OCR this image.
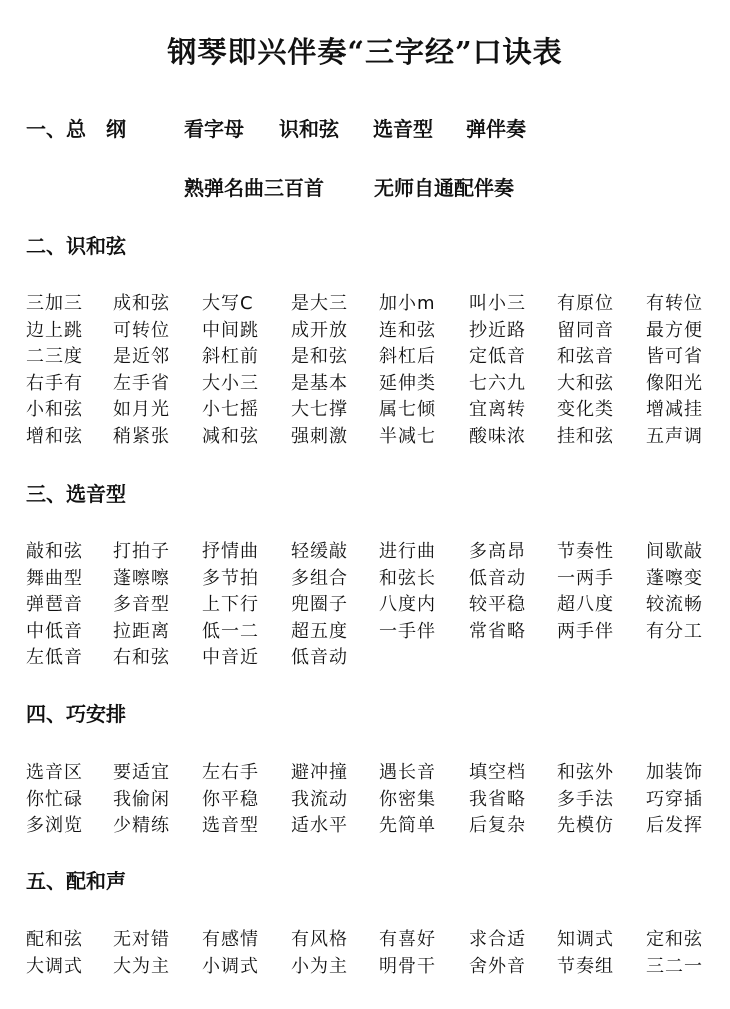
钢琴即兴伴奏“三字经”口诀表
一、总　纲	看字母 识和弦 选音型 弹伴奏
熟弹名曲三百首	无师自通配伴奏
二、识和弦
三加三 成和弦 大写C 是大三 加小m 叫小三 有原位 有转位
边上跳 可转位 中间跳 成开放 连和弦 抄近路 留同音 最方便
二三度 是近邻 斜杠前 是和弦 斜杠后 定低音 和弦音 皆可省
右手有 左手省 大小三 是基本 延伸类 七六九 大和弦 像阳光
小和弦 如月光 小七摇 大七撑 属七倾 宜离转 变化类 增减挂
增和弦 稍紧张 减和弦 强刺激 半减七 酸味浓 挂和弦 五声调
三、选音型
敲和弦 打拍子 抒情曲 轻缓敲 进行曲 多高昂 节奏性 间歇敲
舞曲型 蓬嚓嚓 多节拍 多组合 和弦长 低音动 一两手 蓬嚓变
弹琶音 多音型 上下行 兜圈子 八度内 较平稳 超八度 较流畅
中低音 拉距离 低一二 超五度 一手伴 常省略 两手伴 有分工
左低音 右和弦 中音近 低音动
四、巧安排
选音区 要适宜 左右手 避冲撞 遇长音 填空档 和弦外 加装饰
你忙碌 我偷闲 你平稳 我流动 你密集 我省略 多手法 巧穿插
多浏览 少精练 选音型 适水平 先简单 后复杂 先模仿 后发挥
五、配和声
配和弦 无对错 有感情 有风格 有喜好 求合适 知调式 定和弦
大调式 大为主 小调式 小为主 明骨干 舍外音 节奏组 三二一
